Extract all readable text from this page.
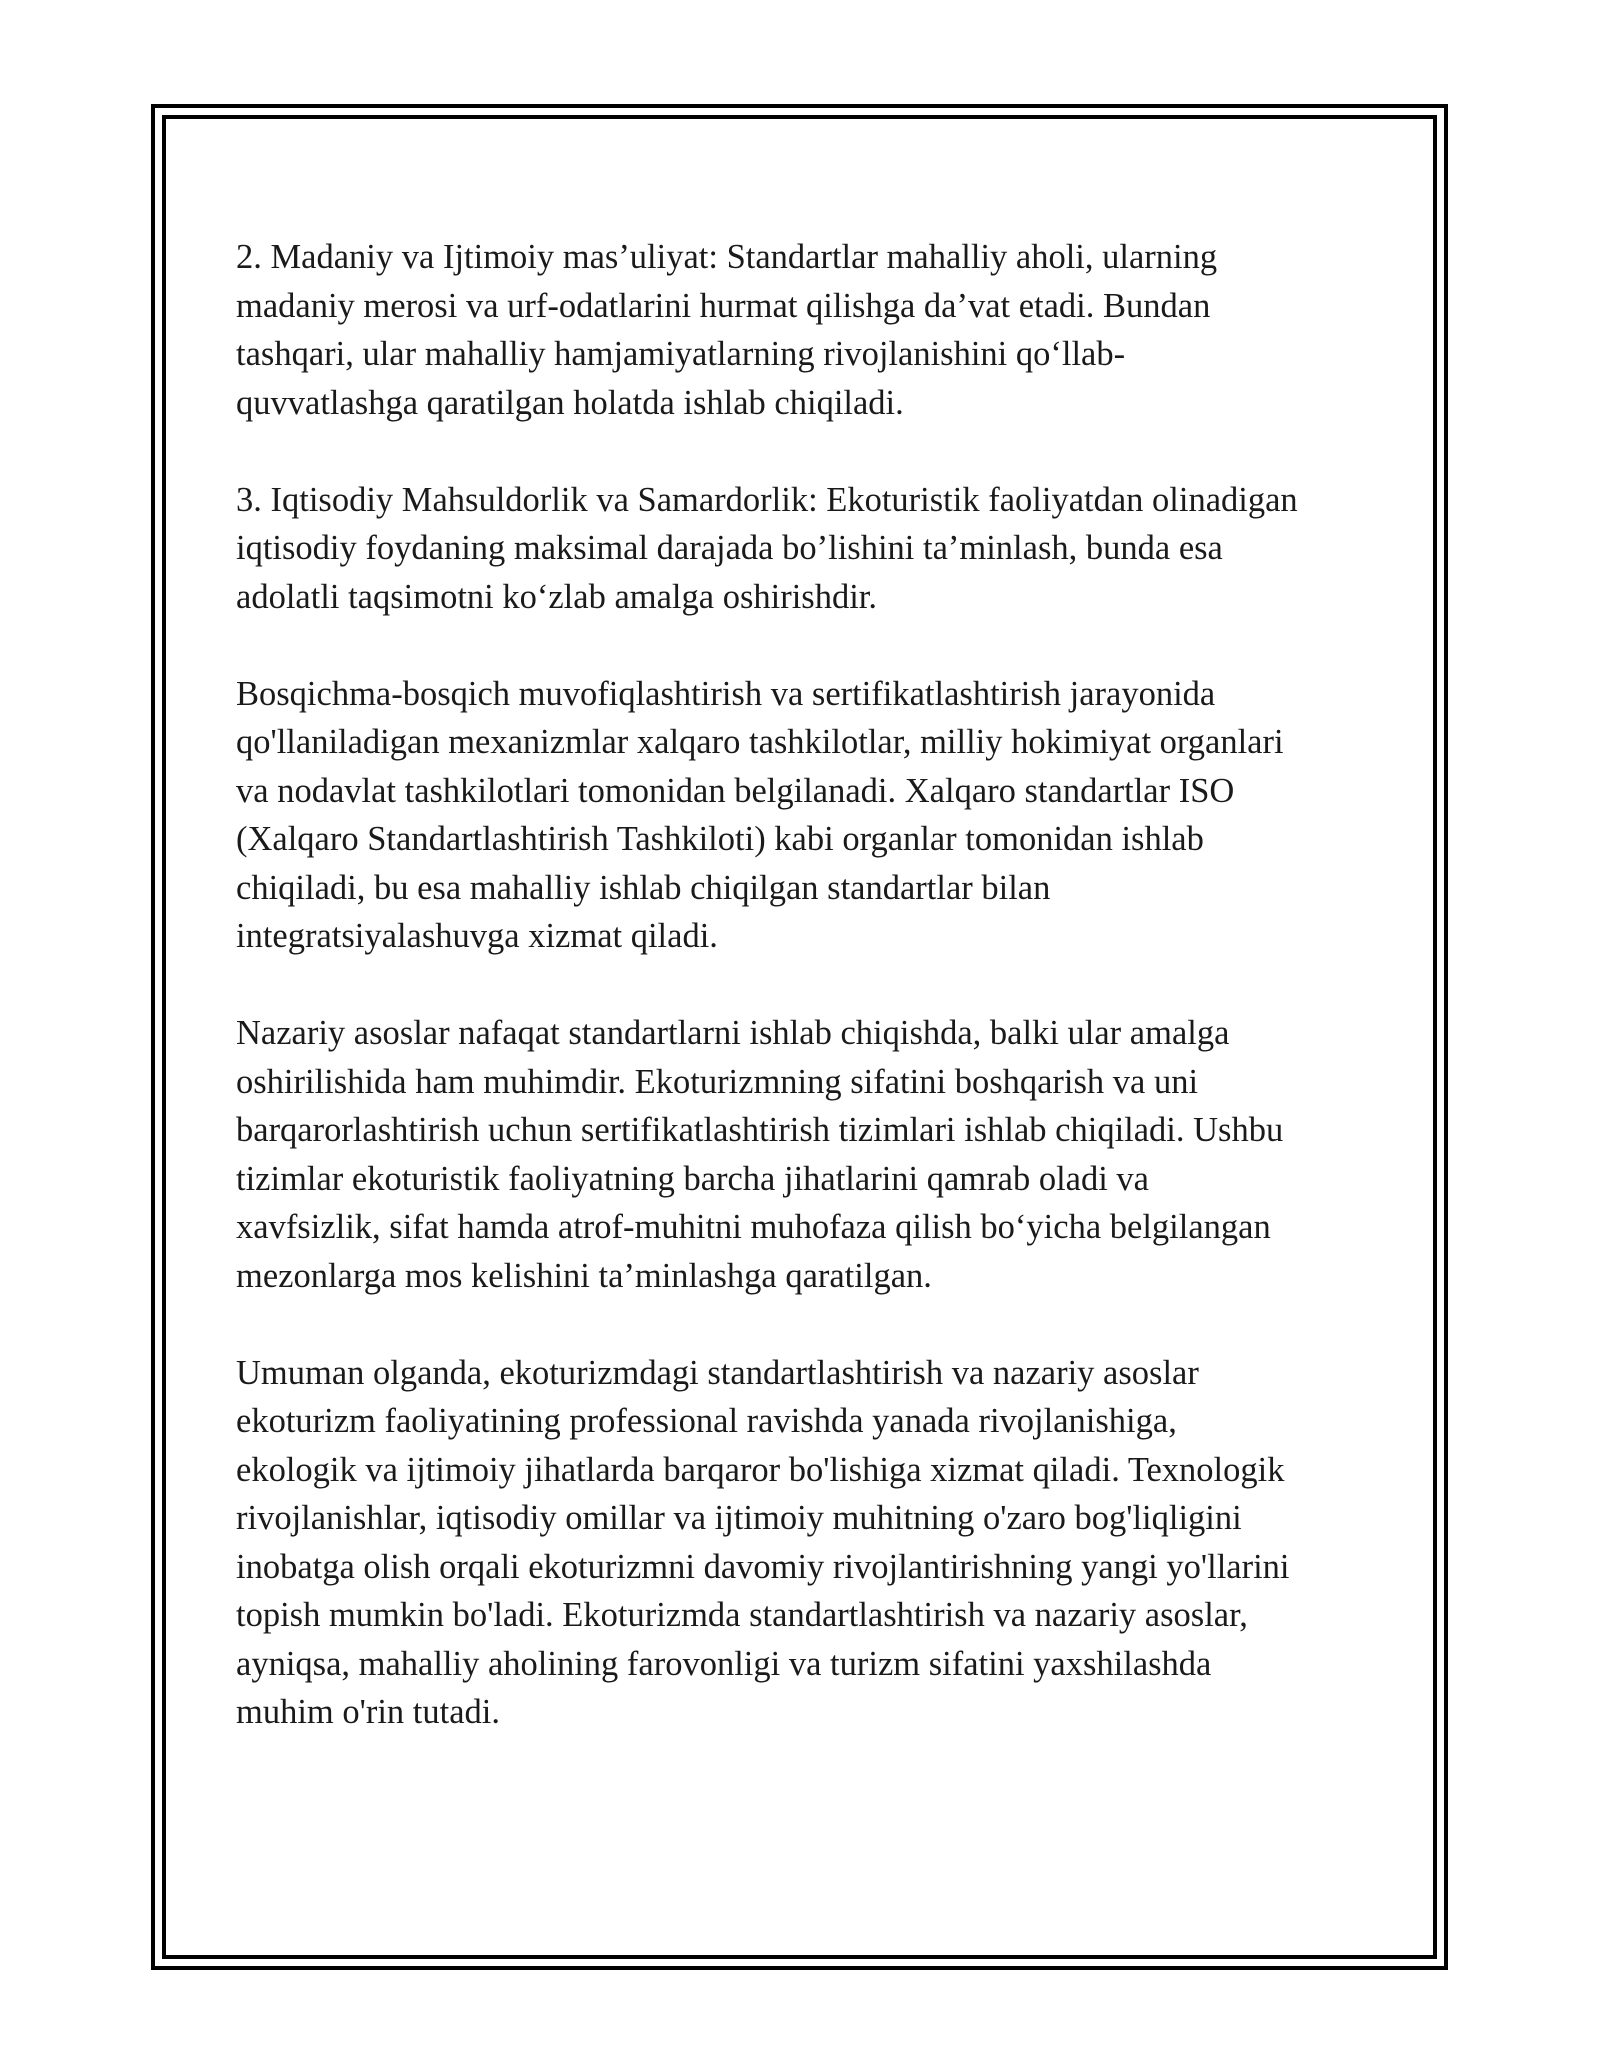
2. Madaniy va Ijtimoiy mas’uliyat: Standartlar mahalliy aholi, ularning
madaniy merosi va urf-odatlarini hurmat qilishga da’vat etadi. Bundan
tashqari, ular mahalliy hamjamiyatlarning rivojlanishini qo‘llab-
quvvatlashga qaratilgan holatda ishlab chiqiladi.

3. Iqtisodiy Mahsuldorlik va Samardorlik: Ekoturistik faoliyatdan olinadigan
iqtisodiy foydaning maksimal darajada bo’lishini ta’minlash, bunda esa
adolatli taqsimotni ko‘zlab amalga oshirishdir.

Bosqichma-bosqich muvofiqlashtirish va sertifikatlashtirish jarayonida
qo'llaniladigan mexanizmlar xalqaro tashkilotlar, milliy hokimiyat organlari
va nodavlat tashkilotlari tomonidan belgilanadi. Xalqaro standartlar ISO
(Xalqaro Standartlashtirish Tashkiloti) kabi organlar tomonidan ishlab
chiqiladi, bu esa mahalliy ishlab chiqilgan standartlar bilan
integratsiyalashuvga xizmat qiladi.

Nazariy asoslar nafaqat standartlarni ishlab chiqishda, balki ular amalga
oshirilishida ham muhimdir. Ekoturizmning sifatini boshqarish va uni
barqarorlashtirish uchun sertifikatlashtirish tizimlari ishlab chiqiladi. Ushbu
tizimlar ekoturistik faoliyatning barcha jihatlarini qamrab oladi va
xavfsizlik, sifat hamda atrof-muhitni muhofaza qilish bo‘yicha belgilangan
mezonlarga mos kelishini ta’minlashga qaratilgan.

Umuman olganda, ekoturizmdagi standartlashtirish va nazariy asoslar
ekoturizm faoliyatining professional ravishda yanada rivojlanishiga,
ekologik va ijtimoiy jihatlarda barqaror bo'lishiga xizmat qiladi. Texnologik
rivojlanishlar, iqtisodiy omillar va ijtimoiy muhitning o'zaro bog'liqligini
inobatga olish orqali ekoturizmni davomiy rivojlantirishning yangi yo'llarini
topish mumkin bo'ladi. Ekoturizmda standartlashtirish va nazariy asoslar,
ayniqsa, mahalliy aholining farovonligi va turizm sifatini yaxshilashda
muhim o'rin tutadi.
